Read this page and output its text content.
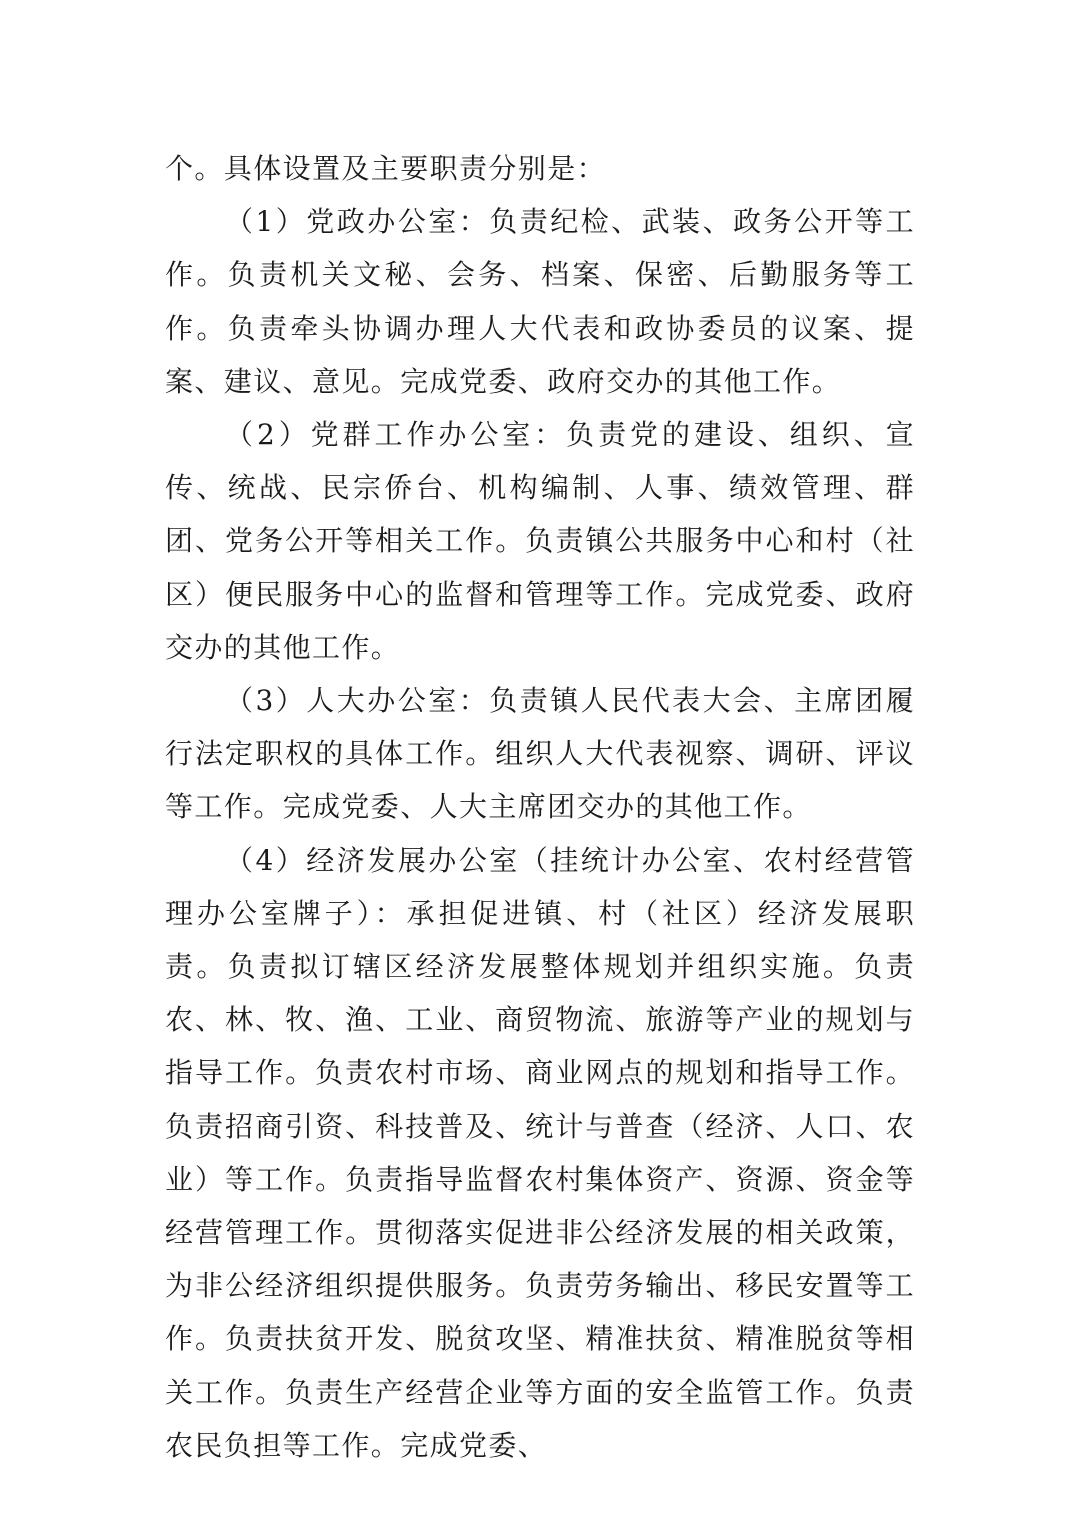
个。具体设置及主要职责分别是：

（1）党政办公室：负责纪检、武装、政务公开等工作。负责机关文秘、会务、档案、保密、后勤服务等工作。负责牵头协调办理人大代表和政协委员的议案、提案、建议、意见。完成党委、政府交办的其他工作。

（2）党群工作办公室：负责党的建设、组织、宣传、统战、民宗侨台、机构编制、人事、绩效管理、群团、党务公开等相关工作。负责镇公共服务中心和村（社区）便民服务中心的监督和管理等工作。完成党委、政府交办的其他工作。

（3）人大办公室：负责镇人民代表大会、主席团履行法定职权的具体工作。组织人大代表视察、调研、评议等工作。完成党委、人大主席团交办的其他工作。

（4）经济发展办公室（挂统计办公室、农村经营管理办公室牌子）：承担促进镇、村（社区）经济发展职责。负责拟订辖区经济发展整体规划并组织实施。负责农、林、牧、渔、工业、商贸物流、旅游等产业的规划与指导工作。负责农村市场、商业网点的规划和指导工作。负责招商引资、科技普及、统计与普查（经济、人口、农业）等工作。负责指导监督农村集体资产、资源、资金等经营管理工作。贯彻落实促进非公经济发展的相关政策，为非公经济组织提供服务。负责劳务输出、移民安置等工作。负责扶贫开发、脱贫攻坚、精准扶贫、精准脱贫等相关工作。负责生产经营企业等方面的安全监管工作。负责农民负担等工作。完成党委、
